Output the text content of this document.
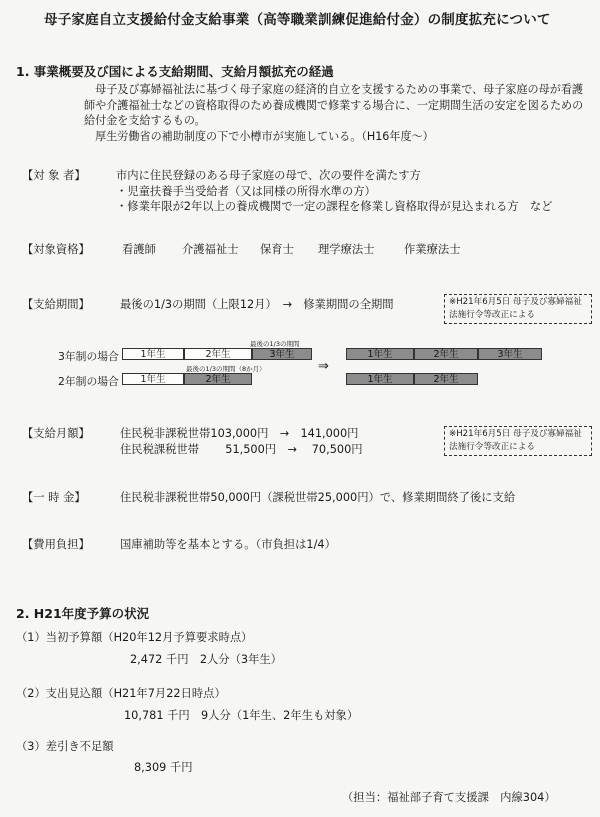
母子家庭自立支援給付金支給事業（高等職業訓練促進給付金）の制度拡充について
1. 事業概要及び国による支給期間、支給月額拡充の経過

母子及び寡婦福祉法に基づく母子家庭の経済的自立を支援するための事業で、母子家庭の母が看護師や介護福祉士などの資格取得のため養成機関で修業する場合に、一定期間生活の安定を図るための給付金を支給するもの。

厚生労働省の補助制度の下で小樽市が実施している。（H16年度～）

【対 象 者】	市内に住民登録のある母子家庭の母で、次の要件を満たす方
・児童扶養手当受給者（又は同様の所得水準の方）
・修業年限が2年以上の養成機関で一定の課程を修業し資格取得が見込まれる方　など
【対象資格】	看護師 介護福祉士 保育士 理学療法士	作業療法士
【支給期間】	最後の1/3の期間（上限12月）　→　修業期間の全期間	※H21年6月5日 母子及び寡婦福祉法施行令等改正による
最後の1/3の期間
3年制の場合	1年生	2年生	3年生
最後の1/3の期間（8か月）
2年制の場合	1年生	2年生
⇒
1年生	2年生	3年生
1年生	2年生
【支給月額】	住民税非課税世帯103,000円　→　141,000円
住民税課税世帯　　 51,500円　→　 70,500円
※H21年6月5日 母子及び寡婦福祉法施行令等改正による
【一 時 金】	住民税非課税世帯50,000円（課税世帯25,000円）で、修業期間終了後に支給
【費用負担】	国庫補助等を基本とする。（市負担は1/4）
2. H21年度予算の状況
（1）当初予算額（H20年12月予算要求時点）
2,472 千円　2人分（3年生）
（2）支出見込額（H21年7月22日時点）
10,781 千円　9人分（1年生、2年生も対象）
（3）差引き不足額
8,309 千円
（担当：福祉部子育て支援課　内線304）
